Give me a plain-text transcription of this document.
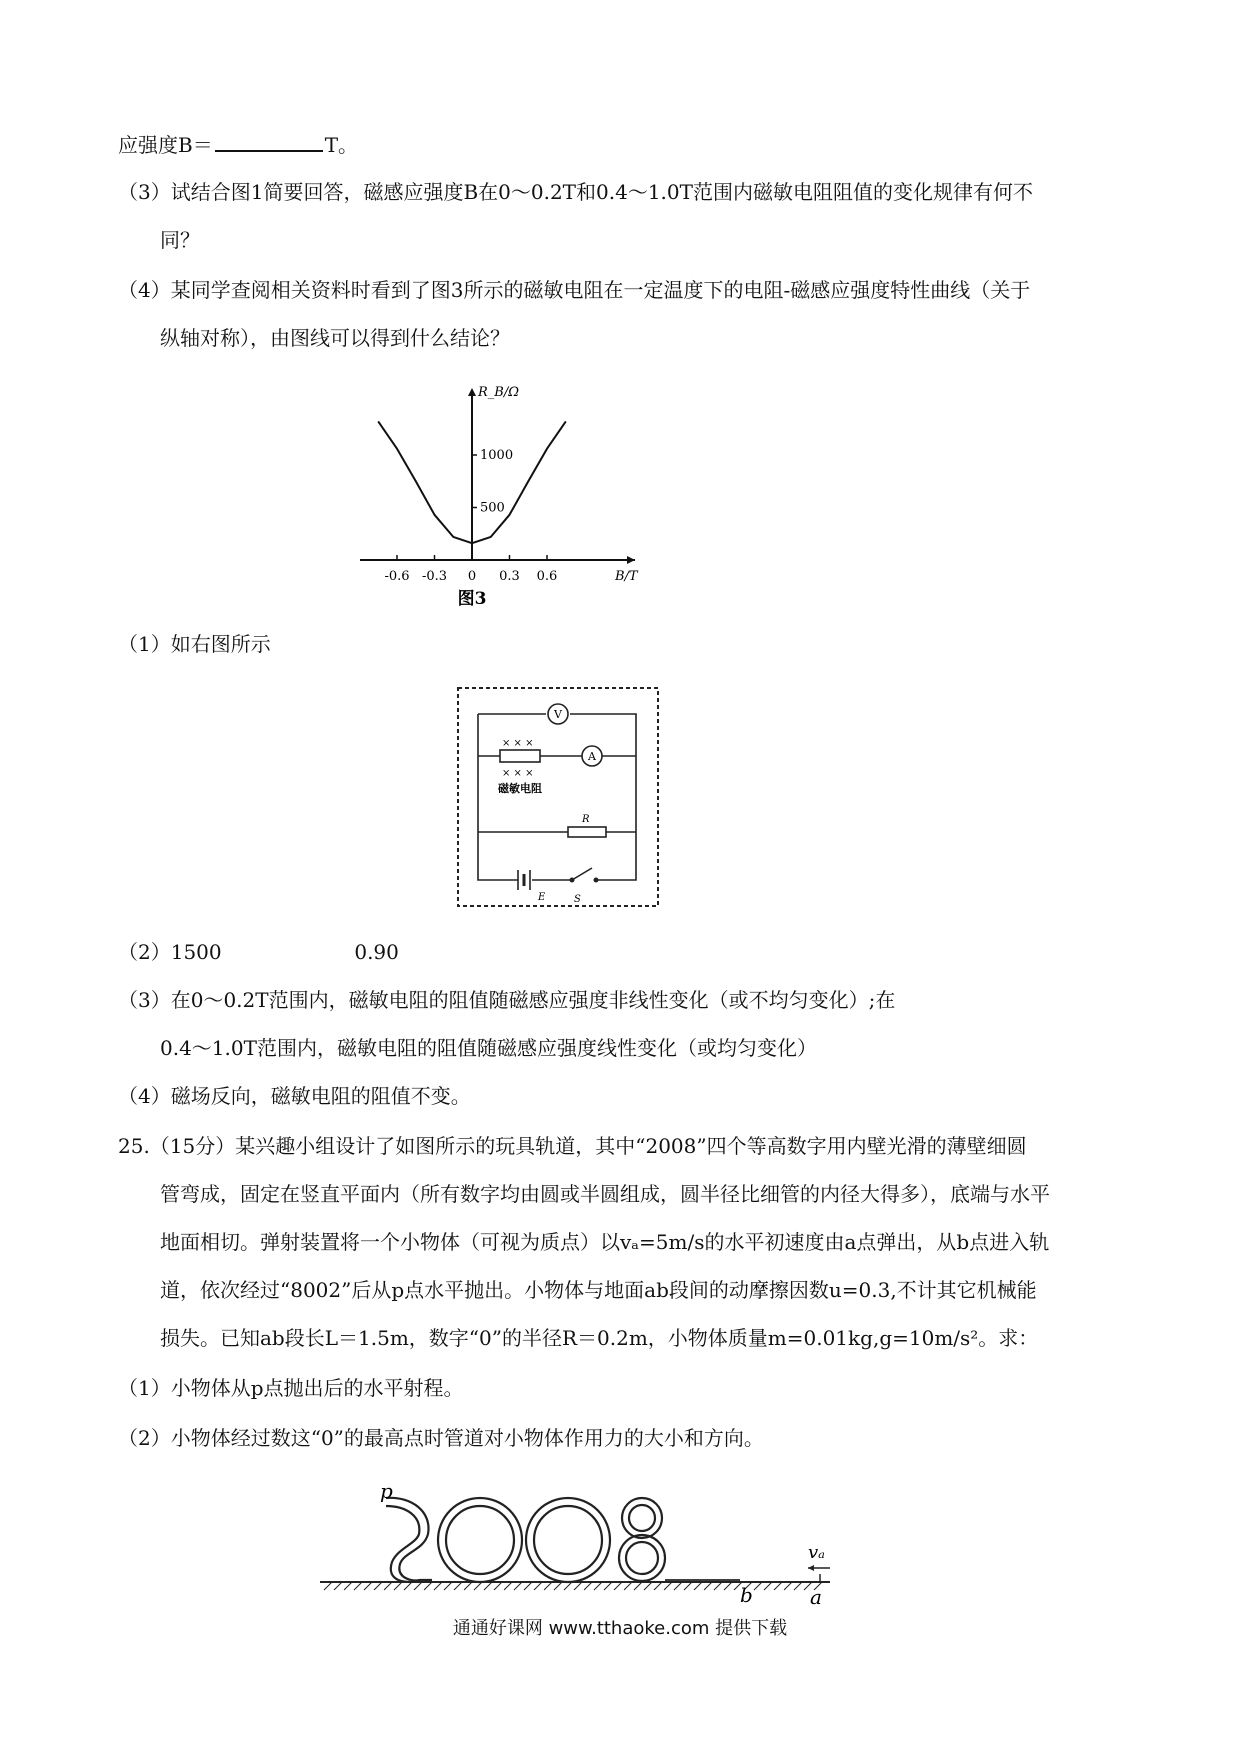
应强度B＝	T。
（3）试结合图1简要回答，磁感应强度B在0～0.2T和0.4～1.0T范围内磁敏电阻阻值的变化规律有何不
同？
（4）某同学查阅相关资料时看到了图3所示的磁敏电阻在一定温度下的电阻-磁感应强度特性曲线（关于
纵轴对称），由图线可以得到什么结论？
-0.6 -0.3 0 0.3 0.6
500
1000
R_B/Ω
B/T
图3
（1）如右图所示
V
A
× × ×
× × ×
磁敏电阻
R
E	S
（2）1500	0.90
（3）在0～0.2T范围内，磁敏电阻的阻值随磁感应强度非线性变化（或不均匀变化）;在
0.4～1.0T范围内，磁敏电阻的阻值随磁感应强度线性变化（或均匀变化）
（4）磁场反向，磁敏电阻的阻值不变。
25.（15分）某兴趣小组设计了如图所示的玩具轨道，其中“2008”四个等高数字用内壁光滑的薄壁细圆
管弯成，固定在竖直平面内（所有数字均由圆或半圆组成，圆半径比细管的内径大得多），底端与水平
地面相切。弹射装置将一个小物体（可视为质点）以vₐ=5m/s的水平初速度由a点弹出，从b点进入轨
道，依次经过“8002”后从p点水平抛出。小物体与地面ab段间的动摩擦因数u=0.3,不计其它机械能
损失。已知ab段长L＝1.5m，数字“0”的半径R＝0.2m，小物体质量m=0.01kg,g=10m/s²。求：
（1）小物体从p点抛出后的水平射程。
（2）小物体经过数这“0”的最高点时管道对小物体作用力的大小和方向。
p
b	a
vₐ
通通好课网 www.tthaoke.com 提供下载
